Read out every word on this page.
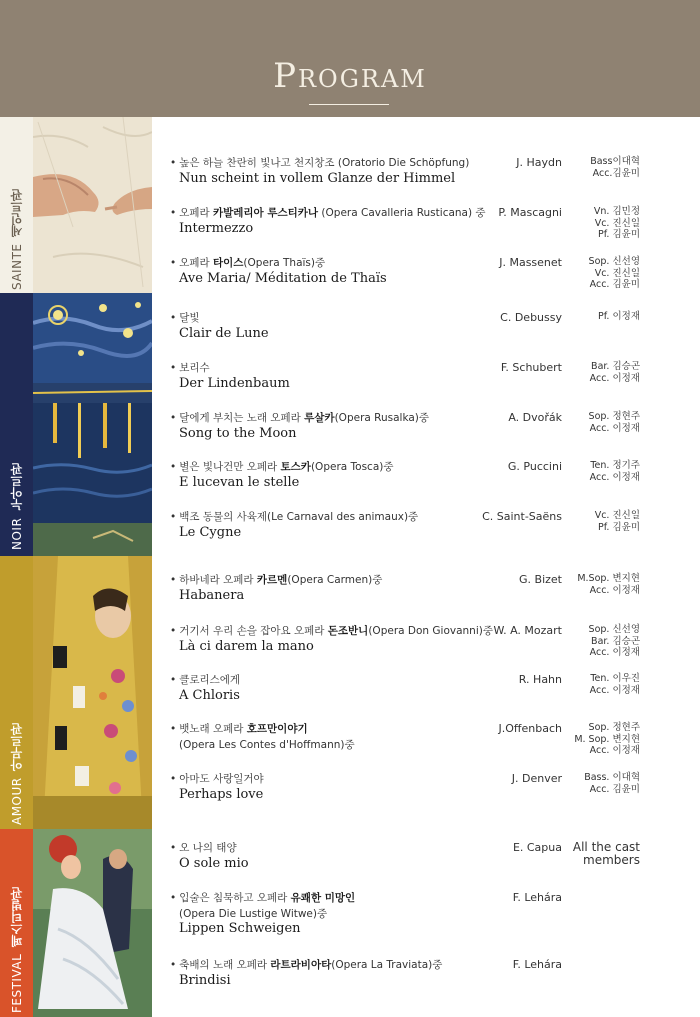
Program
SAINTE 세인트관
NOIR 누아르관
AMOUR 아무르관
FESTIVAL 페스티벌관
• 높은 하늘 찬란히 빛나고 천지창조 (Oratorio Die Schöpfung)
Nun scheint in vollem Glanze der Himmel
J. Haydn	Bass이대혁
Acc.김윤미
• 오페라 카발레리아 루스티카나 (Opera Cavalleria Rusticana) 중
Intermezzo
P. Mascagni	Vn. 김민정
Vc. 진신일
Pf. 김윤미
• 오페라 타이스(Opera Thaïs)중
Ave Maria/ Méditation de Thaïs
J. Massenet	Sop. 신선영
Vc. 진신일
Acc. 김윤미
• 달빛
Clair de Lune
C. Debussy	Pf. 이정재
• 보리수
Der Lindenbaum
F. Schubert	Bar. 김승곤
Acc. 이정재
• 달에게 부치는 노래 오페라 루살카(Opera Rusalka)중
Song to the Moon
A. Dvořák	Sop. 정현주
Acc. 이정재
• 별은 빛나건만 오페라 토스카(Opera Tosca)중
E lucevan le stelle
G. Puccini	Ten. 정기주
Acc. 이정재
• 백조 동물의 사육제(Le Carnaval des animaux)중
Le Cygne
C. Saint-Saëns	Vc. 진신일
Pf. 김윤미
• 하바네라 오페라 카르멘(Opera Carmen)중
Habanera
G. Bizet	M.Sop. 변지현
Acc. 이정재
• 거기서 우리 손을 잡아요 오페라 돈조반니(Opera Don Giovanni)중
Là ci darem la mano
W. A. Mozart	Sop. 신선영
Bar. 김승곤
Acc. 이정재
• 클로리스에게
A Chloris
R. Hahn	Ten. 이우진
Acc. 이정재
• 뱃노래 오페라 호프만이야기
(Opera Les Contes d'Hoffmann)중
J.Offenbach	Sop. 정현주
M. Sop. 변지현
Acc. 이정재
• 아마도 사랑일거야
Perhaps love
J. Denver	Bass. 이대혁
Acc. 김윤미
• 오 나의 태양
O sole mio
E. Capua All the cast
members
• 입술은 침묵하고 오페라 유쾌한 미망인
(Opera Die Lustige Witwe)중
Lippen Schweigen
F. Lehára
• 축배의 노래 오페라 라트라비아타(Opera La Traviata)중
Brindisi
F. Lehára
